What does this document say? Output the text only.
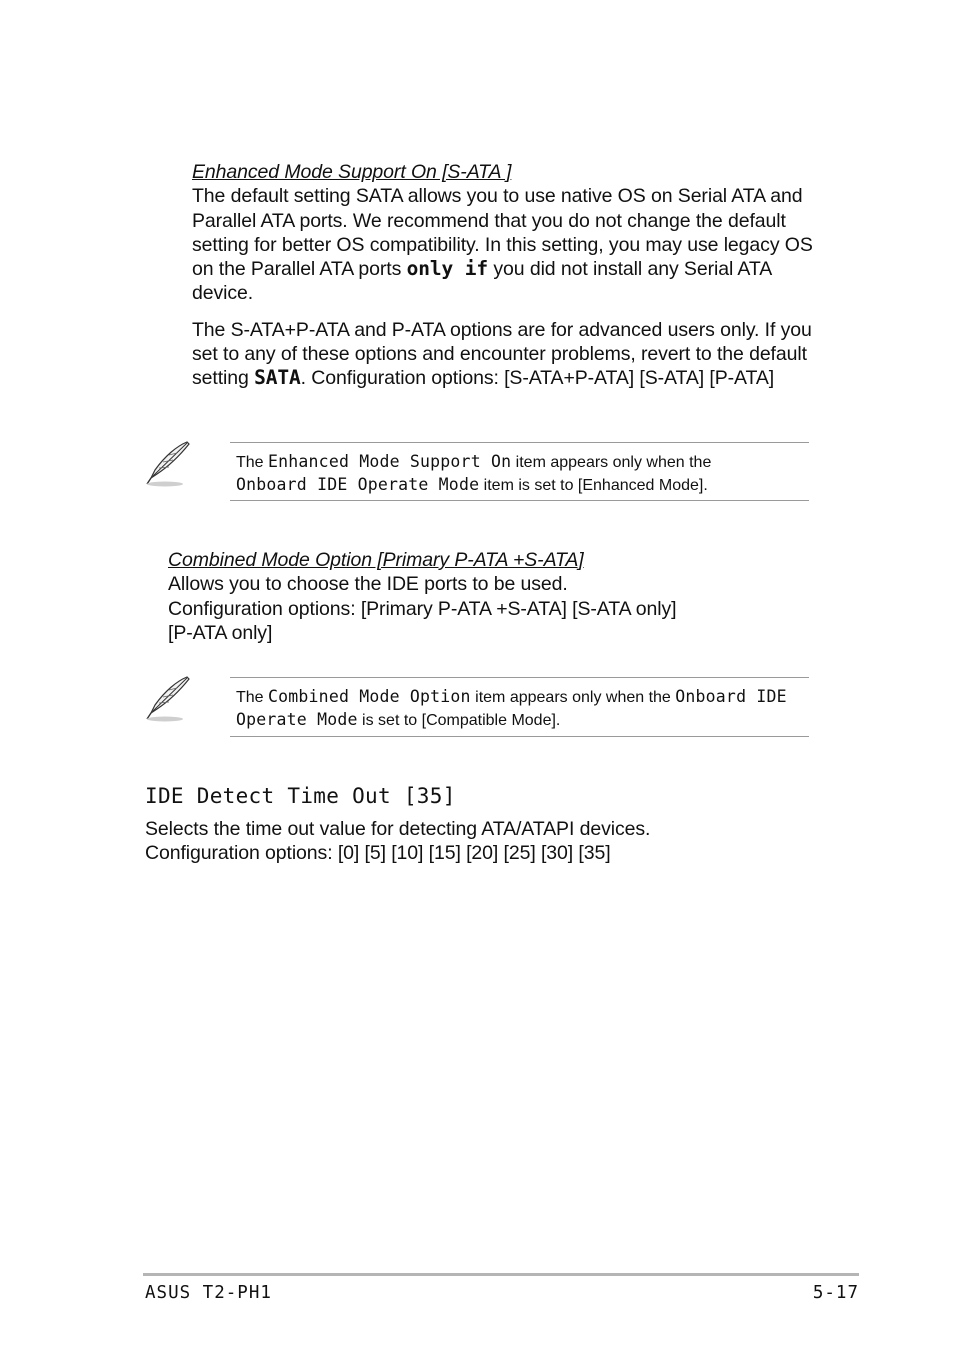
Enhanced Mode Support On [S-ATA ]
The default setting SATA allows you to use native OS on Serial ATA and Parallel ATA ports. We recommend that you do not change the default setting for better OS compatibility. In this setting, you may use legacy OS on the Parallel ATA ports only if you did not install any Serial ATA device.
The S-ATA+P-ATA and P-ATA options are for advanced users only. If you set to any of these options and encounter problems, revert to the default setting SATA. Configuration options: [S-ATA+P-ATA] [S-ATA] [P-ATA]
The Enhanced Mode Support On item appears only when the
Onboard IDE Operate Mode item is set to [Enhanced Mode].
Combined Mode Option [Primary P-ATA +S-ATA]
Allows you to choose the IDE ports to be used.
Configuration options: [Primary P-ATA +S-ATA] [S-ATA only]
[P-ATA only]
The Combined Mode Option item appears only when the Onboard IDE Operate Mode is set to [Compatible Mode].
IDE Detect Time Out [35]
Selects the time out value for detecting ATA/ATAPI devices.
Configuration options: [0] [5] [10] [15] [20] [25] [30] [35]
ASUS T2-PH1	5-17
